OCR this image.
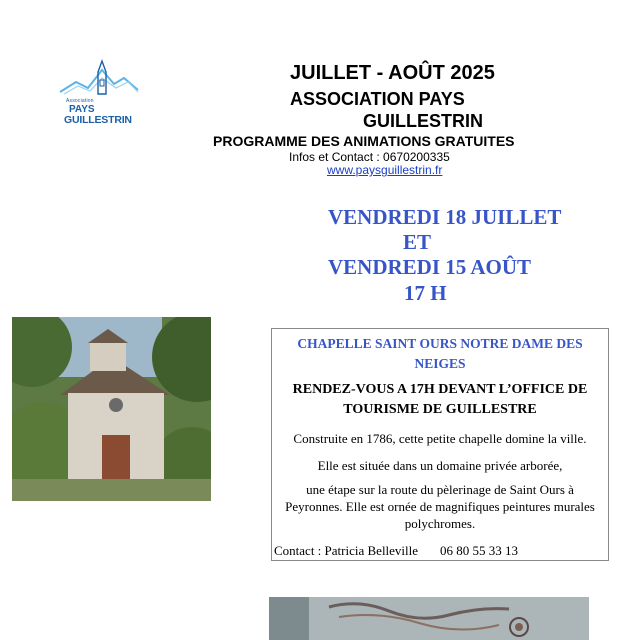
Association
PAYS
GUILLESTRIN
JUILLET - AOÛT 2025
ASSOCIATION PAYS
GUILLESTRIN
PROGRAMME DES ANIMATIONS GRATUITES
Infos et Contact : 0670200335
www.paysguillestrin.fr
VENDREDI 18 JUILLET
ET
VENDREDI 15 AOÛT
17 H
CHAPELLE SAINT OURS NOTRE DAME DES NEIGES
RENDEZ-VOUS A 17H DEVANT L’OFFICE DE TOURISME DE GUILLESTRE
Construite en 1786, cette petite chapelle domine la ville.
Elle est située dans un domaine privée arborée,
une étape sur la route du pèlerinage de Saint Ours à Peyronnes. Elle est ornée de magnifiques peintures murales polychromes.
Contact : Patricia Belleville 06 80 55 33 13
